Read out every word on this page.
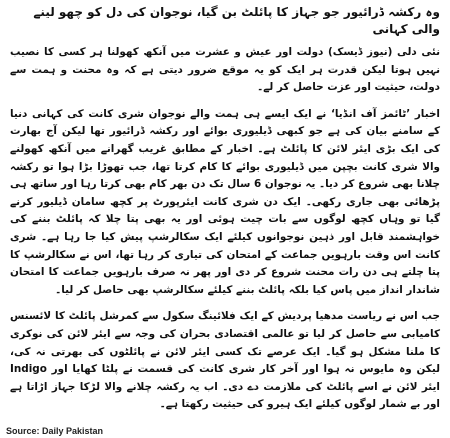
وہ رکشہ ڈرائیور جو جہاز کا پائلٹ بن گیا، نوجوان کی دل کو چھو لینے والی کہانی

نئی دلی (نیوز ڈیسک) دولت اور عیش و عشرت میں آنکھ کھولنا ہر کسی کا نصیب نہیں ہوتا لیکن قدرت ہر ایک کو یہ موقع ضرور دیتی ہے کہ وہ محنت و ہمت سے دولت، حیثیت اور عزت حاصل کر لے۔

اخبار ’ٹائمز آف انڈیا‘ نے ایک ایسے ہی ہمت والے نوجوان شری کانت کی کہانی دنیا کے سامنے بیان کی ہے جو کبھی ڈیلیوری بوائے اور رکشہ ڈرائیور تھا لیکن آج بھارت کی ایک بڑی ایئر لائن کا پائلٹ ہے۔ اخبار کے مطابق غریب گھرانے میں آنکھ کھولنے والا شری کانت بچپن میں ڈیلیوری بوائے کا کام کرتا تھا، جب تھوڑا بڑا ہوا تو رکشہ چلانا بھی شروع کر دیا۔ یہ نوجوان 6 سال تک دن بھر کام بھی کرتا رہا اور ساتھ ہی پڑھائی بھی جاری رکھی۔ ایک دن شری کانت ایئرپورٹ پر کچھ سامان ڈیلیور کرنے گیا تو وہاں کچھ لوگوں سے بات چیت ہوئی اور یہ بھی پتا چلا کہ پائلٹ بننے کی خواہشمند قابل اور ذہین نوجوانوں کیلئے ایک سکالرشپ پیش کیا جا رہا ہے۔ شری کانت اس وقت بارہویں جماعت کے امتحان کی تیاری کر رہا تھا، اس نے سکالرشپ کا پتا چلتے ہی دن رات محنت شروع کر دی اور پھر نہ صرف بارہویں جماعت کا امتحان شاندار انداز میں پاس کیا بلکہ پائلٹ بننے کیلئے سکالرشپ بھی حاصل کر لیا۔

جب اس نے ریاست مدھیا پردیش کے ایک فلائینگ سکول سے کمرشل پائلٹ کا لائسنس کامیابی سے حاصل کر لیا تو عالمی اقتصادی بحران کی وجہ سے ایئر لائن کی نوکری کا ملنا مشکل ہو گیا۔ ایک عرصے تک کسی ایئر لائن نے پائلٹوں کی بھرتی نہ کی، لیکن وہ مایوس نہ ہوا اور آخر کار شری کانت کی قسمت نے پلٹا کھایا اور Indigo ایئر لائن نے اسے پائلٹ کی ملازمت دے دی۔ اب یہ رکشہ چلانے والا لڑکا جہاز اڑاتا ہے اور بے شمار لوگوں کیلئے ایک ہیرو کی حیثیت رکھتا ہے۔

Source: Daily Pakistan
